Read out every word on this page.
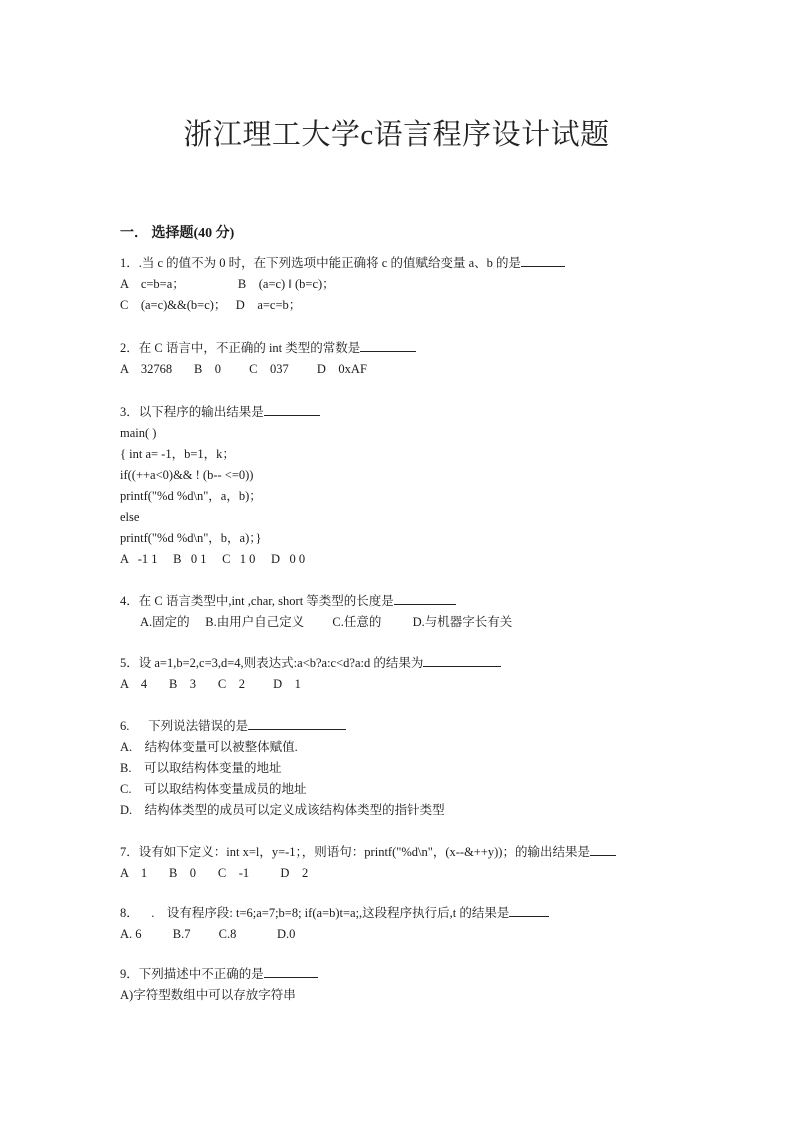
浙江理工大学c语言程序设计试题
一． 选择题(40 分)
1．.当 c 的值不为 0 时，在下列选项中能正确将 c 的值赋给变量 a、b 的是
A    c=b=a；                 B    (a=c) ‖ (b=c)；
C    (a=c)&&(b=c)；   D    a=c=b；
2．在 C 语言中，不正确的 int 类型的常数是
A    32768       B    0         C    037         D    0xAF
3．以下程序的输出结果是
main( )
{ int a= -1，b=1，k；
if((++a<0)&& ! (b-- <=0))
printf("%d %d\n"，a，b)；
else
printf("%d %d\n"，b，a)；}
A   -1 1     B   0 1     C   1 0     D   0 0
4．在 C 语言类型中,int ,char, short 等类型的长度是
A.固定的     B.由用户自己定义         C.任意的          D.与机器字长有关
5．设 a=1,b=2,c=3,d=4,则表达式:a<b?a:c<d?a:d 的结果为
A    4       B    3       C    2         D    1
6.      下列说法错误的是
A.    结构体变量可以被整体赋值.
B.    可以取结构体变量的地址
C.    可以取结构体变量成员的地址
D.    结构体类型的成员可以定义成该结构体类型的指针类型
7．设有如下定义：int x=l，y=-1；，则语句：printf("%d\n"，(x--&++y))；的输出结果是
A    1       B    0       C    -1          D    2
8．    .    设有程序段: t=6;a=7;b=8; if(a=b)t=a;,这段程序执行后,t 的结果是
A. 6          B.7         C.8             D.0
9．下列描述中不正确的是
A)字符型数组中可以存放字符串
